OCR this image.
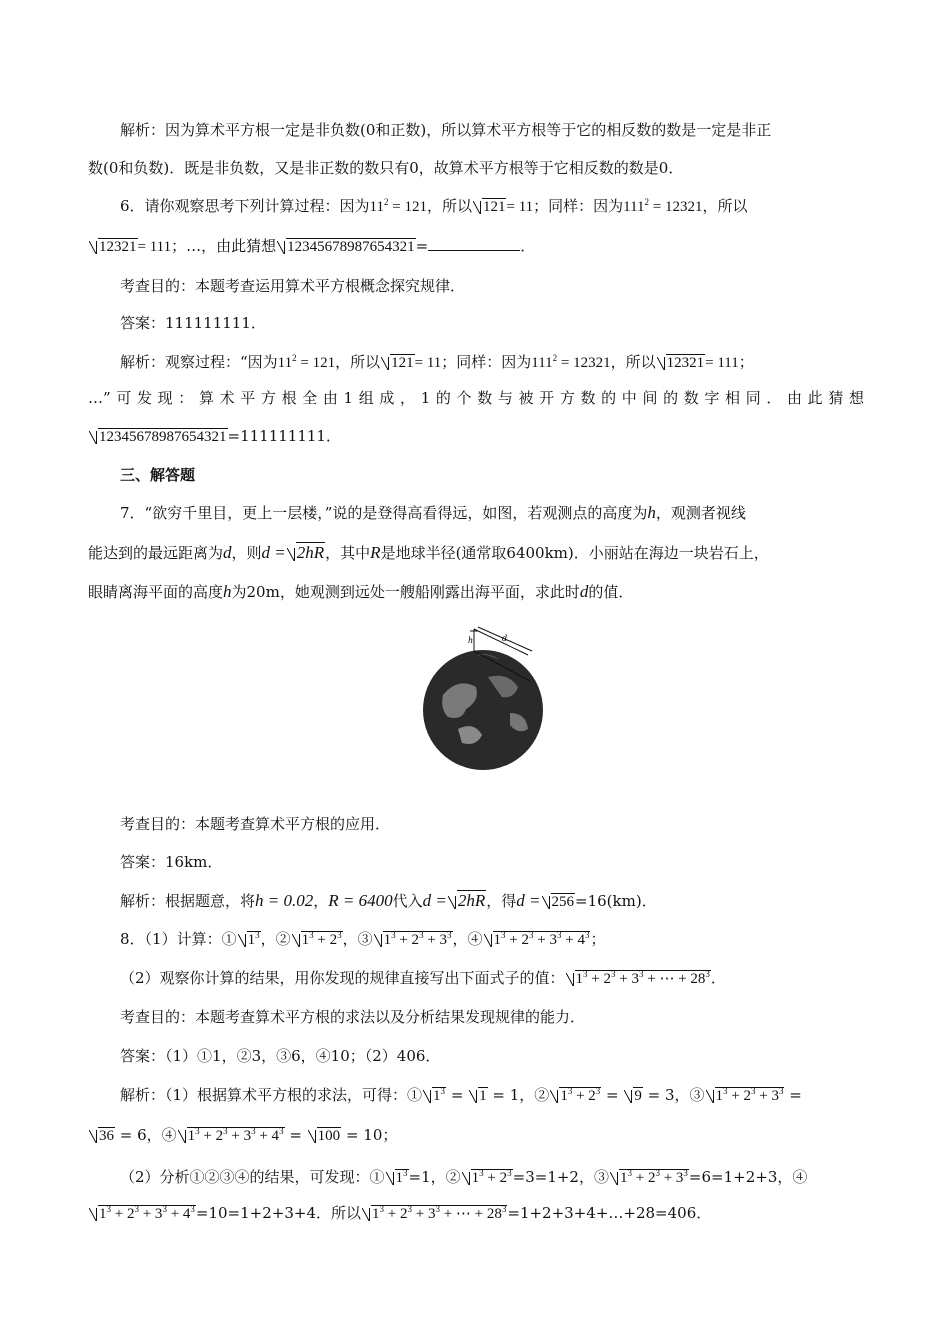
解析：因为算术平方根一定是非负数(0和正数)，所以算术平方根等于它的相反数的数是一定是非正
数(0和负数)．既是非负数，又是非正数的数只有0，故算术平方根等于它相反数的数是0．
6．请你观察思考下列计算过程：因为$11^2 = 121$，所以 121= 11；同样：因为$111^2 = 12321$，所以
12321= 111；…，由此猜想 12345678987654321=	．
考查目的：本题考查运用算术平方根概念探究规律．
答案：111111111．
解析：观察过程：“因为$11^2 = 121$，所以 121= 11；同样：因为$111^2 = 12321$，所以 12321= 111；
…”可发现：算术平方根全由1组成，1的个数与被开方数的中间的数字相同．由此猜想
12345678987654321=111111111．
三、解答题
7．“欲穷千里目，更上一层楼，”说的是登得高看得远，如图，若观测点的高度为h，观测者视线
能达到的最远距离为d，则d = 2hR，其中R是地球半径(通常取6400km)．小丽站在海边一块岩石上，
眼睛离海平面的高度h为20m，她观测到远处一艘船刚露出海平面，求此时d的值．
h	d
考查目的：本题考查算术平方根的应用．
答案：16km．
解析：根据题意，将h = 0.02，R = 6400代入d = 2hR，得d = 256=16(km)．
8．（1）计算：① $1^3$，② $1^3 + 2^3$，③ $1^3 + 2^3 + 3^3$，④ $1^3 + 2^3 + 3^3 + 4^3$；
（2）观察你计算的结果，用你发现的规律直接写出下面式子的值： $1^3 + 2^3 + 3^3$ + ⋯ + $28^3$．
考查目的：本题考查算术平方根的求法以及分析结果发现规律的能力．
答案：（1）①1，②3，③6，④10；（2）406．
解析：（1）根据算术平方根的求法，可得：① $1^3 = 1 = 1$，② $1^3 + 2^3 = 9 = 3$，③ $1^3 + 2^3 + 3^3$ =
36 = 6，④ $1^3 + 2^3 + 3^3 + 4^3 = 100 = 10$；
（2）分析①②③④的结果，可发现：① $1^3=1$，② $1^3 + 2^3=3=1+2$，③ $1^3 + 2^3 + 3^3=6=1+2+3$，④
$1^3 + 2^3 + 3^3 + 4^3=10=1+2+3+4$．所以 $1^3 + 2^3 + 3^3$ + ⋯ + $28^3=1+2+3+4+\dots+28=406$．
